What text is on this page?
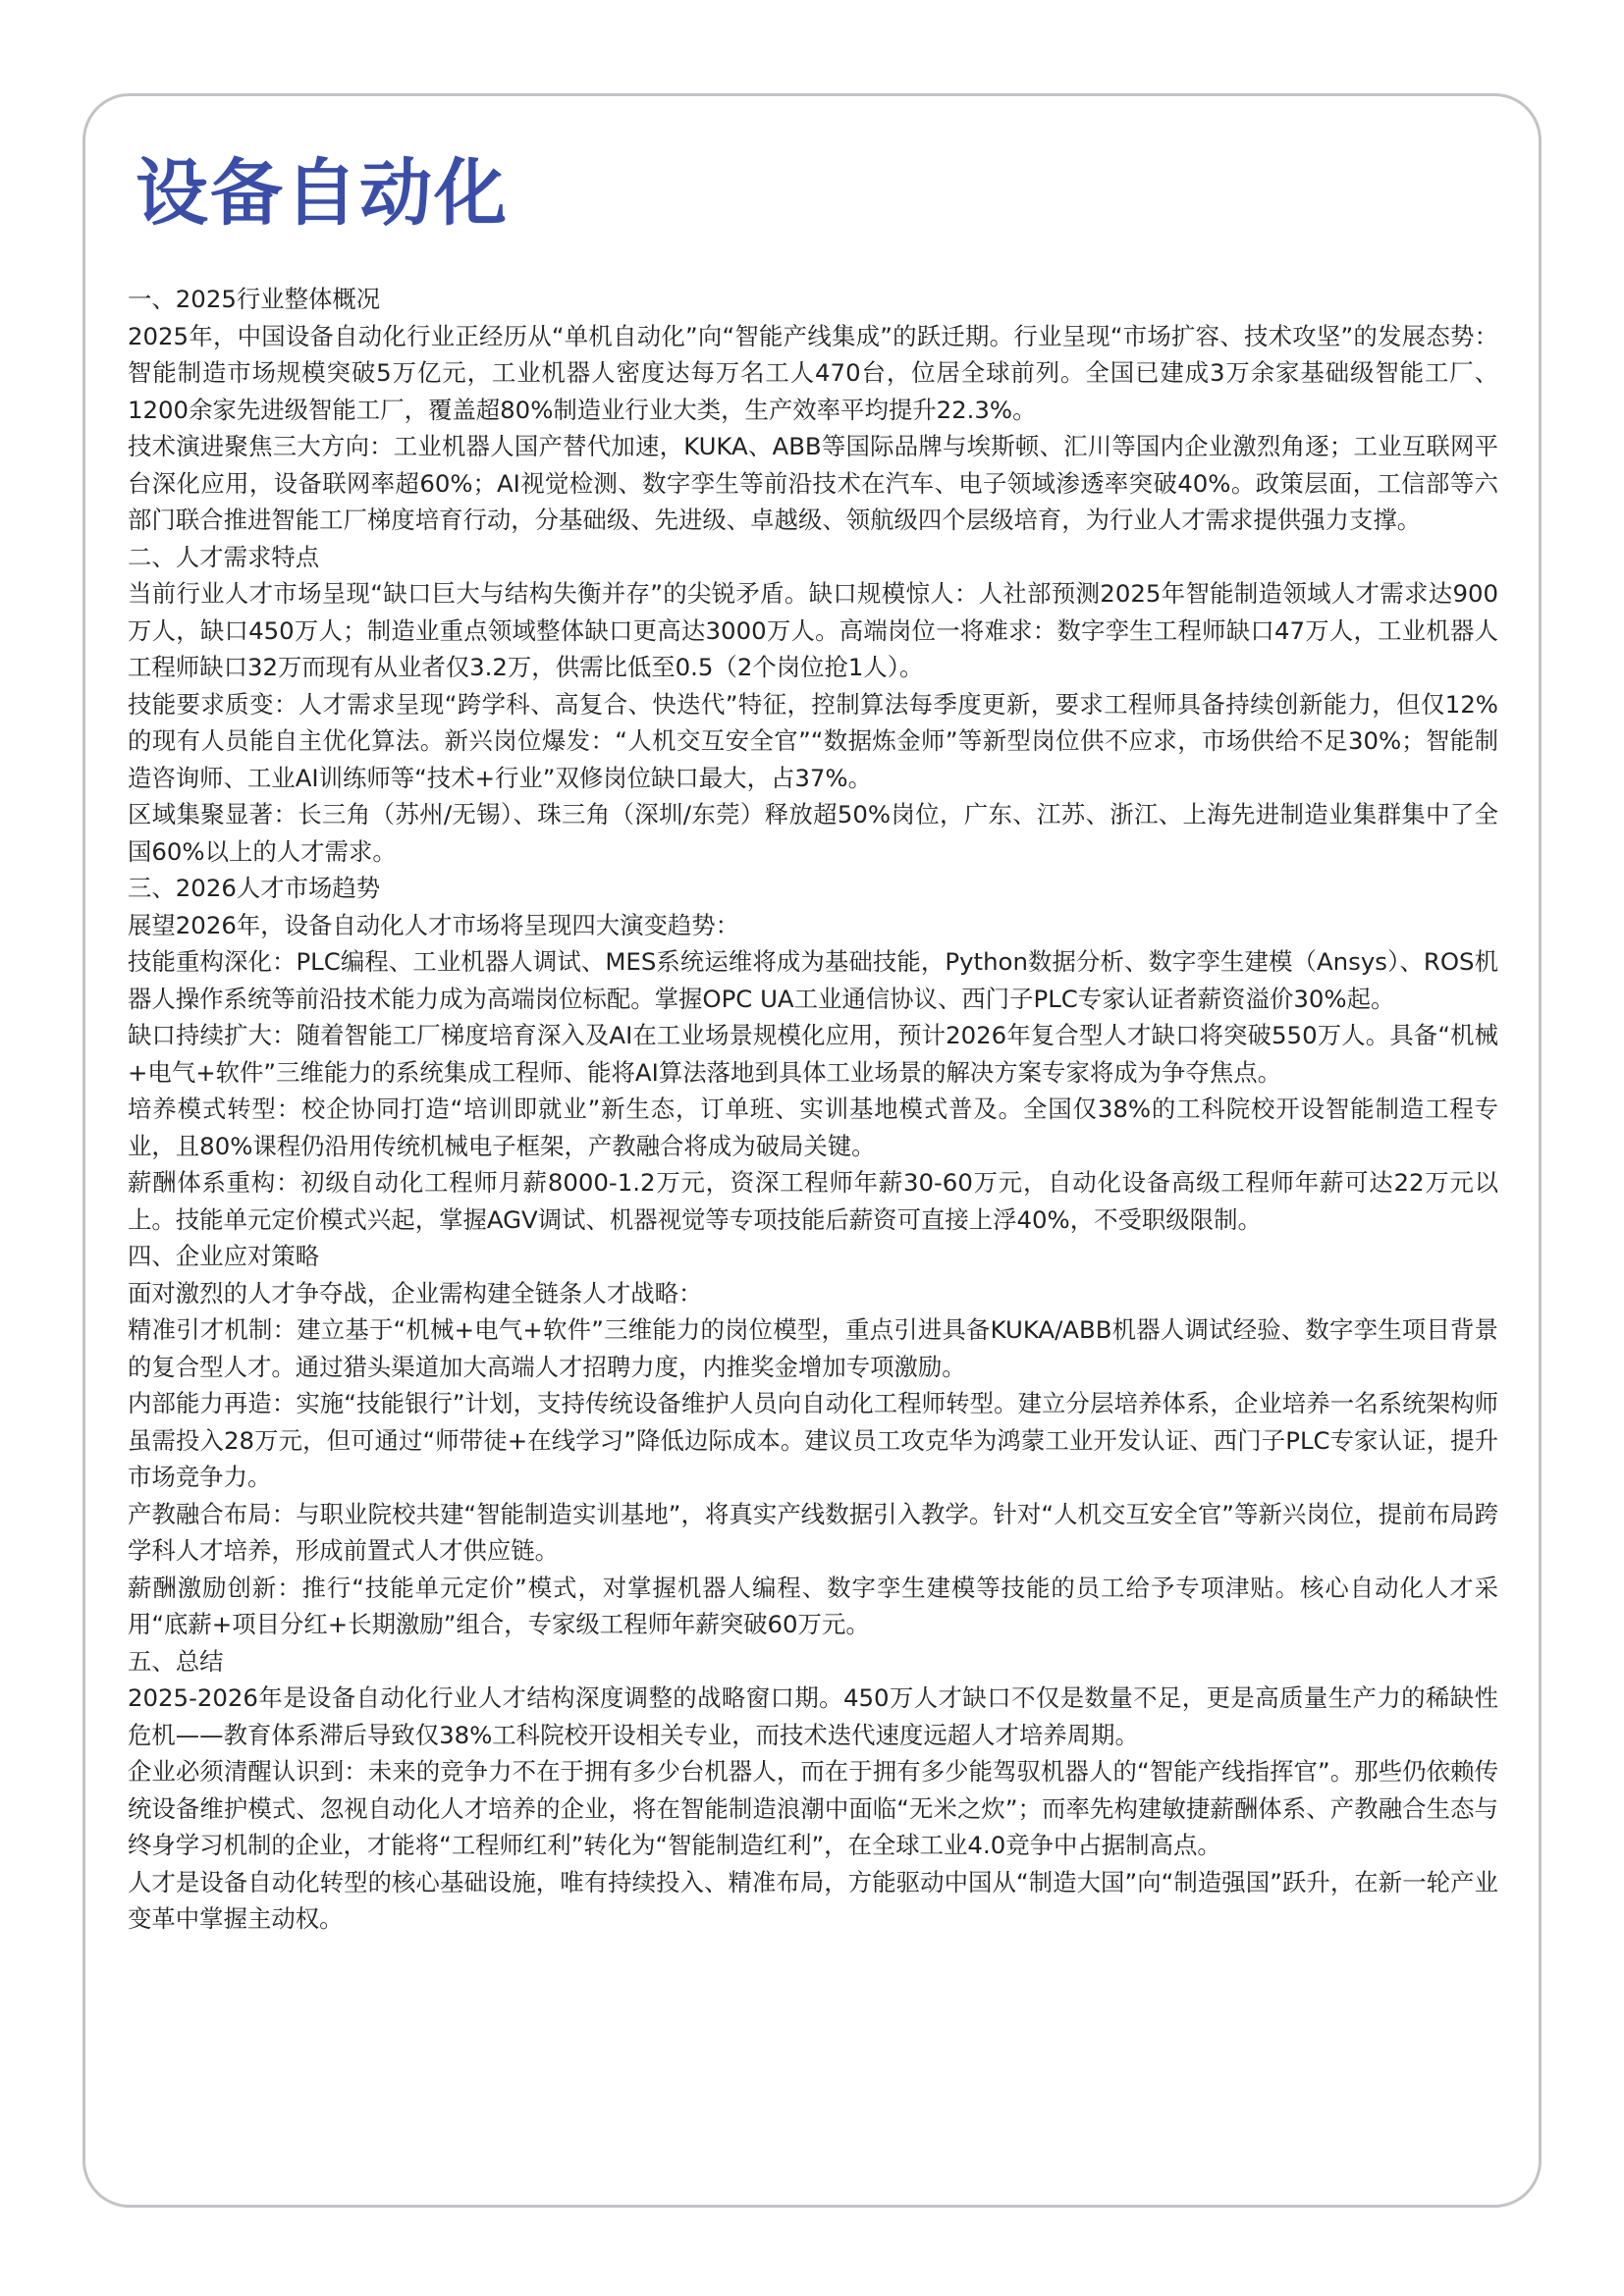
设备自动化

一、2025行业整体概况

2025年，中国设备自动化行业正经历从“单机自动化”向“智能产线集成”的跃迁期。行业呈现“市场扩容、技术攻坚”的发展态势：智能制造市场规模突破5万亿元，工业机器人密度达每万名工人470台，位居全球前列。全国已建成3万余家基础级智能工厂、1200余家先进级智能工厂，覆盖超80%制造业行业大类，生产效率平均提升22.3%。

技术演进聚焦三大方向：工业机器人国产替代加速，KUKA、ABB等国际品牌与埃斯顿、汇川等国内企业激烈角逐；工业互联网平台深化应用，设备联网率超60%；AI视觉检测、数字孪生等前沿技术在汽车、电子领域渗透率突破40%。政策层面，工信部等六部门联合推进智能工厂梯度培育行动，分基础级、先进级、卓越级、领航级四个层级培育，为行业人才需求提供强力支撑。

二、人才需求特点

当前行业人才市场呈现“缺口巨大与结构失衡并存”的尖锐矛盾。缺口规模惊人：人社部预测2025年智能制造领域人才需求达900万人，缺口450万人；制造业重点领域整体缺口更高达3000万人。高端岗位一将难求：数字孪生工程师缺口47万人，工业机器人工程师缺口32万而现有从业者仅3.2万，供需比低至0.5（2个岗位抢1人）。

技能要求质变：人才需求呈现“跨学科、高复合、快迭代”特征，控制算法每季度更新，要求工程师具备持续创新能力，但仅12%的现有人员能自主优化算法。新兴岗位爆发：“人机交互安全官”“数据炼金师”等新型岗位供不应求，市场供给不足30%；智能制造咨询师、工业AI训练师等“技术+行业”双修岗位缺口最大，占37%。

区域集聚显著：长三角（苏州/无锡）、珠三角（深圳/东莞）释放超50%岗位，广东、江苏、浙江、上海先进制造业集群集中了全国60%以上的人才需求。

三、2026人才市场趋势

展望2026年，设备自动化人才市场将呈现四大演变趋势：

技能重构深化：PLC编程、工业机器人调试、MES系统运维将成为基础技能，Python数据分析、数字孪生建模（Ansys）、ROS机器人操作系统等前沿技术能力成为高端岗位标配。掌握OPC UA工业通信协议、西门子PLC专家认证者薪资溢价30%起。

缺口持续扩大：随着智能工厂梯度培育深入及AI在工业场景规模化应用，预计2026年复合型人才缺口将突破550万人。具备“机械+电气+软件”三维能力的系统集成工程师、能将AI算法落地到具体工业场景的解决方案专家将成为争夺焦点。

培养模式转型：校企协同打造“培训即就业”新生态，订单班、实训基地模式普及。全国仅38%的工科院校开设智能制造工程专业，且80%课程仍沿用传统机械电子框架，产教融合将成为破局关键。

薪酬体系重构：初级自动化工程师月薪8000-1.2万元，资深工程师年薪30-60万元，自动化设备高级工程师年薪可达22万元以上。技能单元定价模式兴起，掌握AGV调试、机器视觉等专项技能后薪资可直接上浮40%，不受职级限制。

四、企业应对策略

面对激烈的人才争夺战，企业需构建全链条人才战略：

精准引才机制：建立基于“机械+电气+软件”三维能力的岗位模型，重点引进具备KUKA/ABB机器人调试经验、数字孪生项目背景的复合型人才。通过猎头渠道加大高端人才招聘力度，内推奖金增加专项激励。

内部能力再造：实施“技能银行”计划，支持传统设备维护人员向自动化工程师转型。建立分层培养体系，企业培养一名系统架构师虽需投入28万元，但可通过“师带徒+在线学习”降低边际成本。建议员工攻克华为鸿蒙工业开发认证、西门子PLC专家认证，提升市场竞争力。

产教融合布局：与职业院校共建“智能制造实训基地”，将真实产线数据引入教学。针对“人机交互安全官”等新兴岗位，提前布局跨学科人才培养，形成前置式人才供应链。

薪酬激励创新：推行“技能单元定价”模式，对掌握机器人编程、数字孪生建模等技能的员工给予专项津贴。核心自动化人才采用“底薪+项目分红+长期激励”组合，专家级工程师年薪突破60万元。

五、总结

2025-2026年是设备自动化行业人才结构深度调整的战略窗口期。450万人才缺口不仅是数量不足，更是高质量生产力的稀缺性危机——教育体系滞后导致仅38%工科院校开设相关专业，而技术迭代速度远超人才培养周期。

企业必须清醒认识到：未来的竞争力不在于拥有多少台机器人，而在于拥有多少能驾驭机器人的“智能产线指挥官”。那些仍依赖传统设备维护模式、忽视自动化人才培养的企业，将在智能制造浪潮中面临“无米之炊”；而率先构建敏捷薪酬体系、产教融合生态与终身学习机制的企业，才能将“工程师红利”转化为“智能制造红利”，在全球工业4.0竞争中占据制高点。

人才是设备自动化转型的核心基础设施，唯有持续投入、精准布局，方能驱动中国从“制造大国”向“制造强国”跃升，在新一轮产业变革中掌握主动权。
